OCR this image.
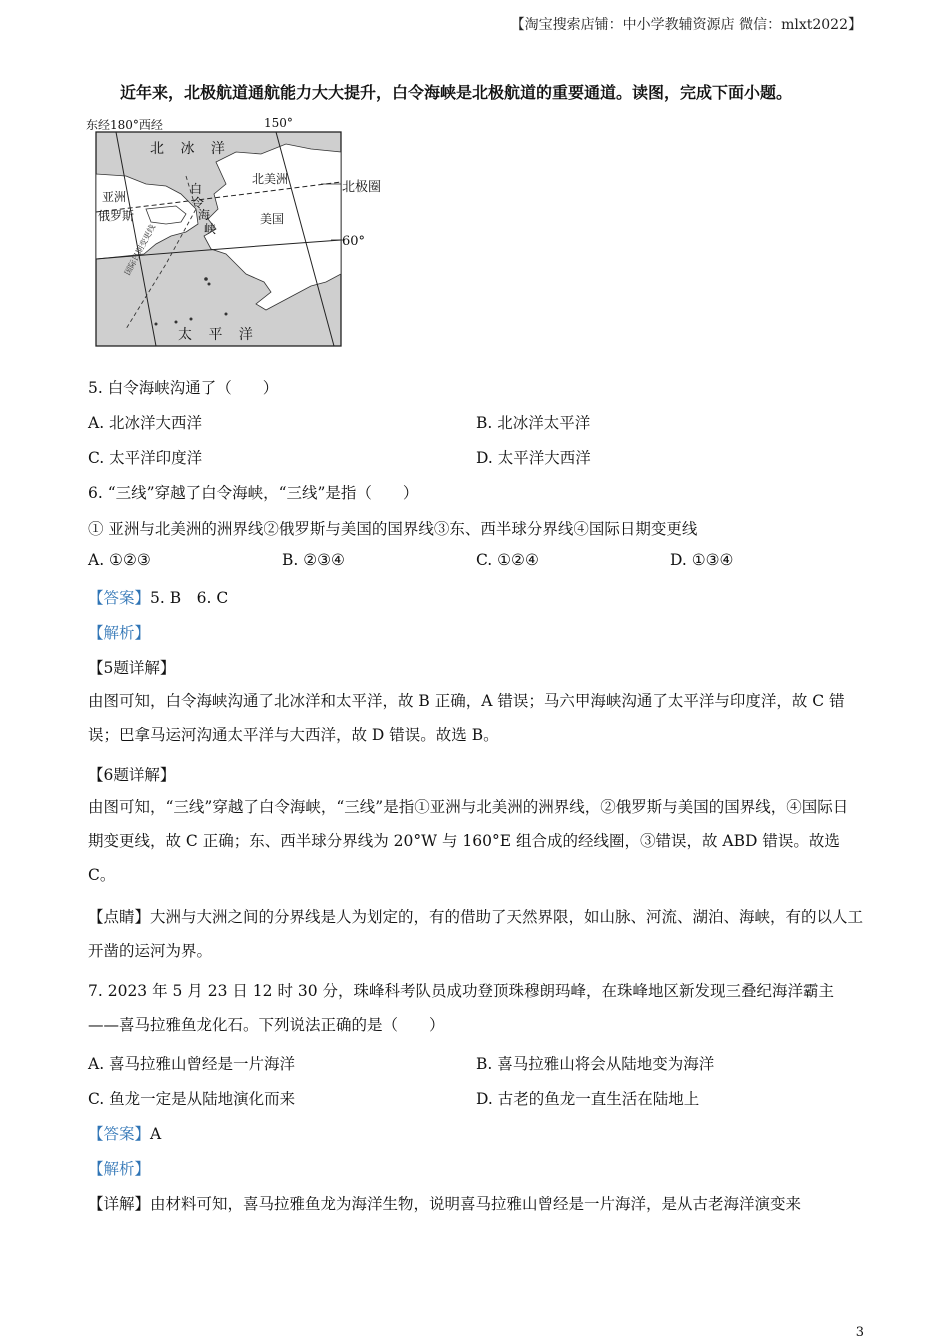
【淘宝搜索店铺：中小学教辅资源店 微信：mlxt2022】
近年来，北极航道通航能力大大提升，白令海峡是北极航道的重要通道。读图，完成下面小题。
东经180°西经	150°
北 冰 洋
北美洲
北极圈
亚洲
俄罗斯
白
令
海
峡
美国
60°
国际日期变更线
太 平 洋
5. 白令海峡沟通了（　　）
A. 北冰洋大西洋	B. 北冰洋太平洋
C. 太平洋印度洋	D. 太平洋大西洋
6. “三线”穿越了白令海峡，“三线”是指（　　）
① 亚洲与北美洲的洲界线②俄罗斯与美国的国界线③东、西半球分界线④国际日期变更线
A. ①②③	B. ②③④	C. ①②④	D. ①③④
【答案】5. B　6. C
【解析】
【5题详解】
由图可知，白令海峡沟通了北冰洋和太平洋，故 B 正确，A 错误；马六甲海峡沟通了太平洋与印度洋，故 C 错误；巴拿马运河沟通太平洋与大西洋，故 D 错误。故选 B。
【6题详解】
由图可知，“三线”穿越了白令海峡，“三线”是指①亚洲与北美洲的洲界线，②俄罗斯与美国的国界线，④国际日期变更线，故 C 正确；东、西半球分界线为 20°W 与 160°E 组合成的经线圈，③错误，故 ABD 错误。故选 C。
【点睛】大洲与大洲之间的分界线是人为划定的，有的借助了天然界限，如山脉、河流、湖泊、海峡，有的以人工开凿的运河为界。
7. 2023 年 5 月 23 日 12 时 30 分，珠峰科考队员成功登顶珠穆朗玛峰，在珠峰地区新发现三叠纪海洋霸主——喜马拉雅鱼龙化石。下列说法正确的是（　　）
A. 喜马拉雅山曾经是一片海洋	B. 喜马拉雅山将会从陆地变为海洋
C. 鱼龙一定是从陆地演化而来	D. 古老的鱼龙一直生活在陆地上
【答案】A
【解析】
【详解】由材料可知，喜马拉雅鱼龙为海洋生物，说明喜马拉雅山曾经是一片海洋，是从古老海洋演变来
3
